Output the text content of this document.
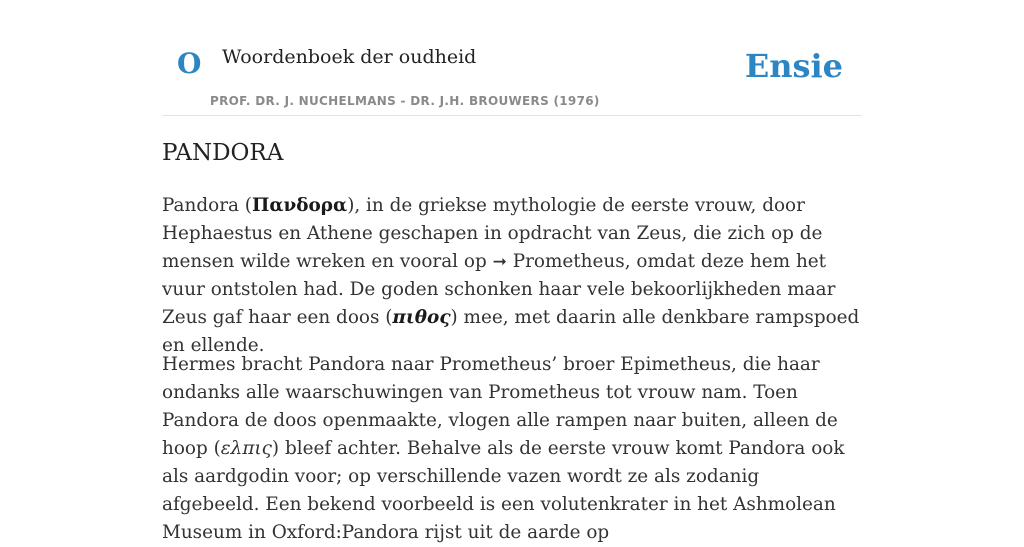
O Woordenboek der oudheid
PROF. DR. J. NUCHELMANS - DR. J.H. BROUWERS (1976)
Ensie
PANDORA

Pandora (Πανδορα), in de griekse mythologie de eerste vrouw, door Hephaestus en Athene geschapen in opdracht van Zeus, die zich op de mensen wilde wreken en vooral op ➞ Prometheus, omdat deze hem het vuur ontstolen had. De goden schonken haar vele bekoorlijkheden maar Zeus gaf haar een doos (πιθος) mee, met daarin alle denkbare rampspoed en ellende.

Hermes bracht Pandora naar Prometheus’ broer Epimetheus, die haar ondanks alle waarschuwingen van Prometheus tot vrouw nam. Toen Pandora de doos openmaakte, vlogen alle rampen naar buiten, alleen de hoop (ελπις) bleef achter. Behalve als de eerste vrouw komt Pandora ook als aardgodin voor; op verschillende vazen wordt ze als zodanig afgebeeld. Een bekend voorbeeld is een volutenkrater in het Ashmolean Museum in Oxford:Pandora rijst uit de aarde op
